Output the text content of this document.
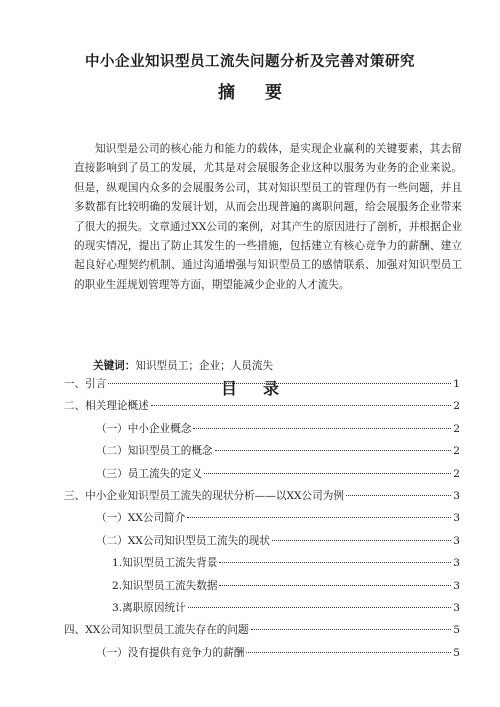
中小企业知识型员工流失问题分析及完善对策研究
摘要

知识型是公司的核心能力和能力的载体，是实现企业赢利的关键要素，其去留直接影响到了员工的发展，尤其是对会展服务企业这种以服务为业务的企业来说。但是，纵观国内众多的会展服务公司，其对知识型员工的管理仍有一些问题，并且多数都有比较明确的发展计划，从而会出现普遍的离职问题，给会展服务企业带来了很大的损失。文章通过XX公司的案例，对其产生的原因进行了剖析，并根据企业的现实情况，提出了防止其发生的一些措施，包括建立有核心竞争力的薪酬、建立起良好心理契约机制、通过沟通增强与知识型员工的感情联系、加强对知识型员工的职业生涯规划管理等方面，期望能减少企业的人才流失。

关键词：知识型员工；企业；人员流失
目录
一、引言	1
二、相关理论概述	2
（一）中小企业概念	2
（二）知识型员工的概念	2
（三）员工流失的定义	2
三、中小企业知识型员工流失的现状分析——以XX公司为例	3
（一）XX公司简介	3
（二）XX公司知识型员工流失的现状	3
1.知识型员工流失背景	3
2.知识型员工流失数据	3
3.离职原因统计	3
四、XX公司知识型员工流失存在的问题	5
（一）没有提供有竞争力的薪酬	5
